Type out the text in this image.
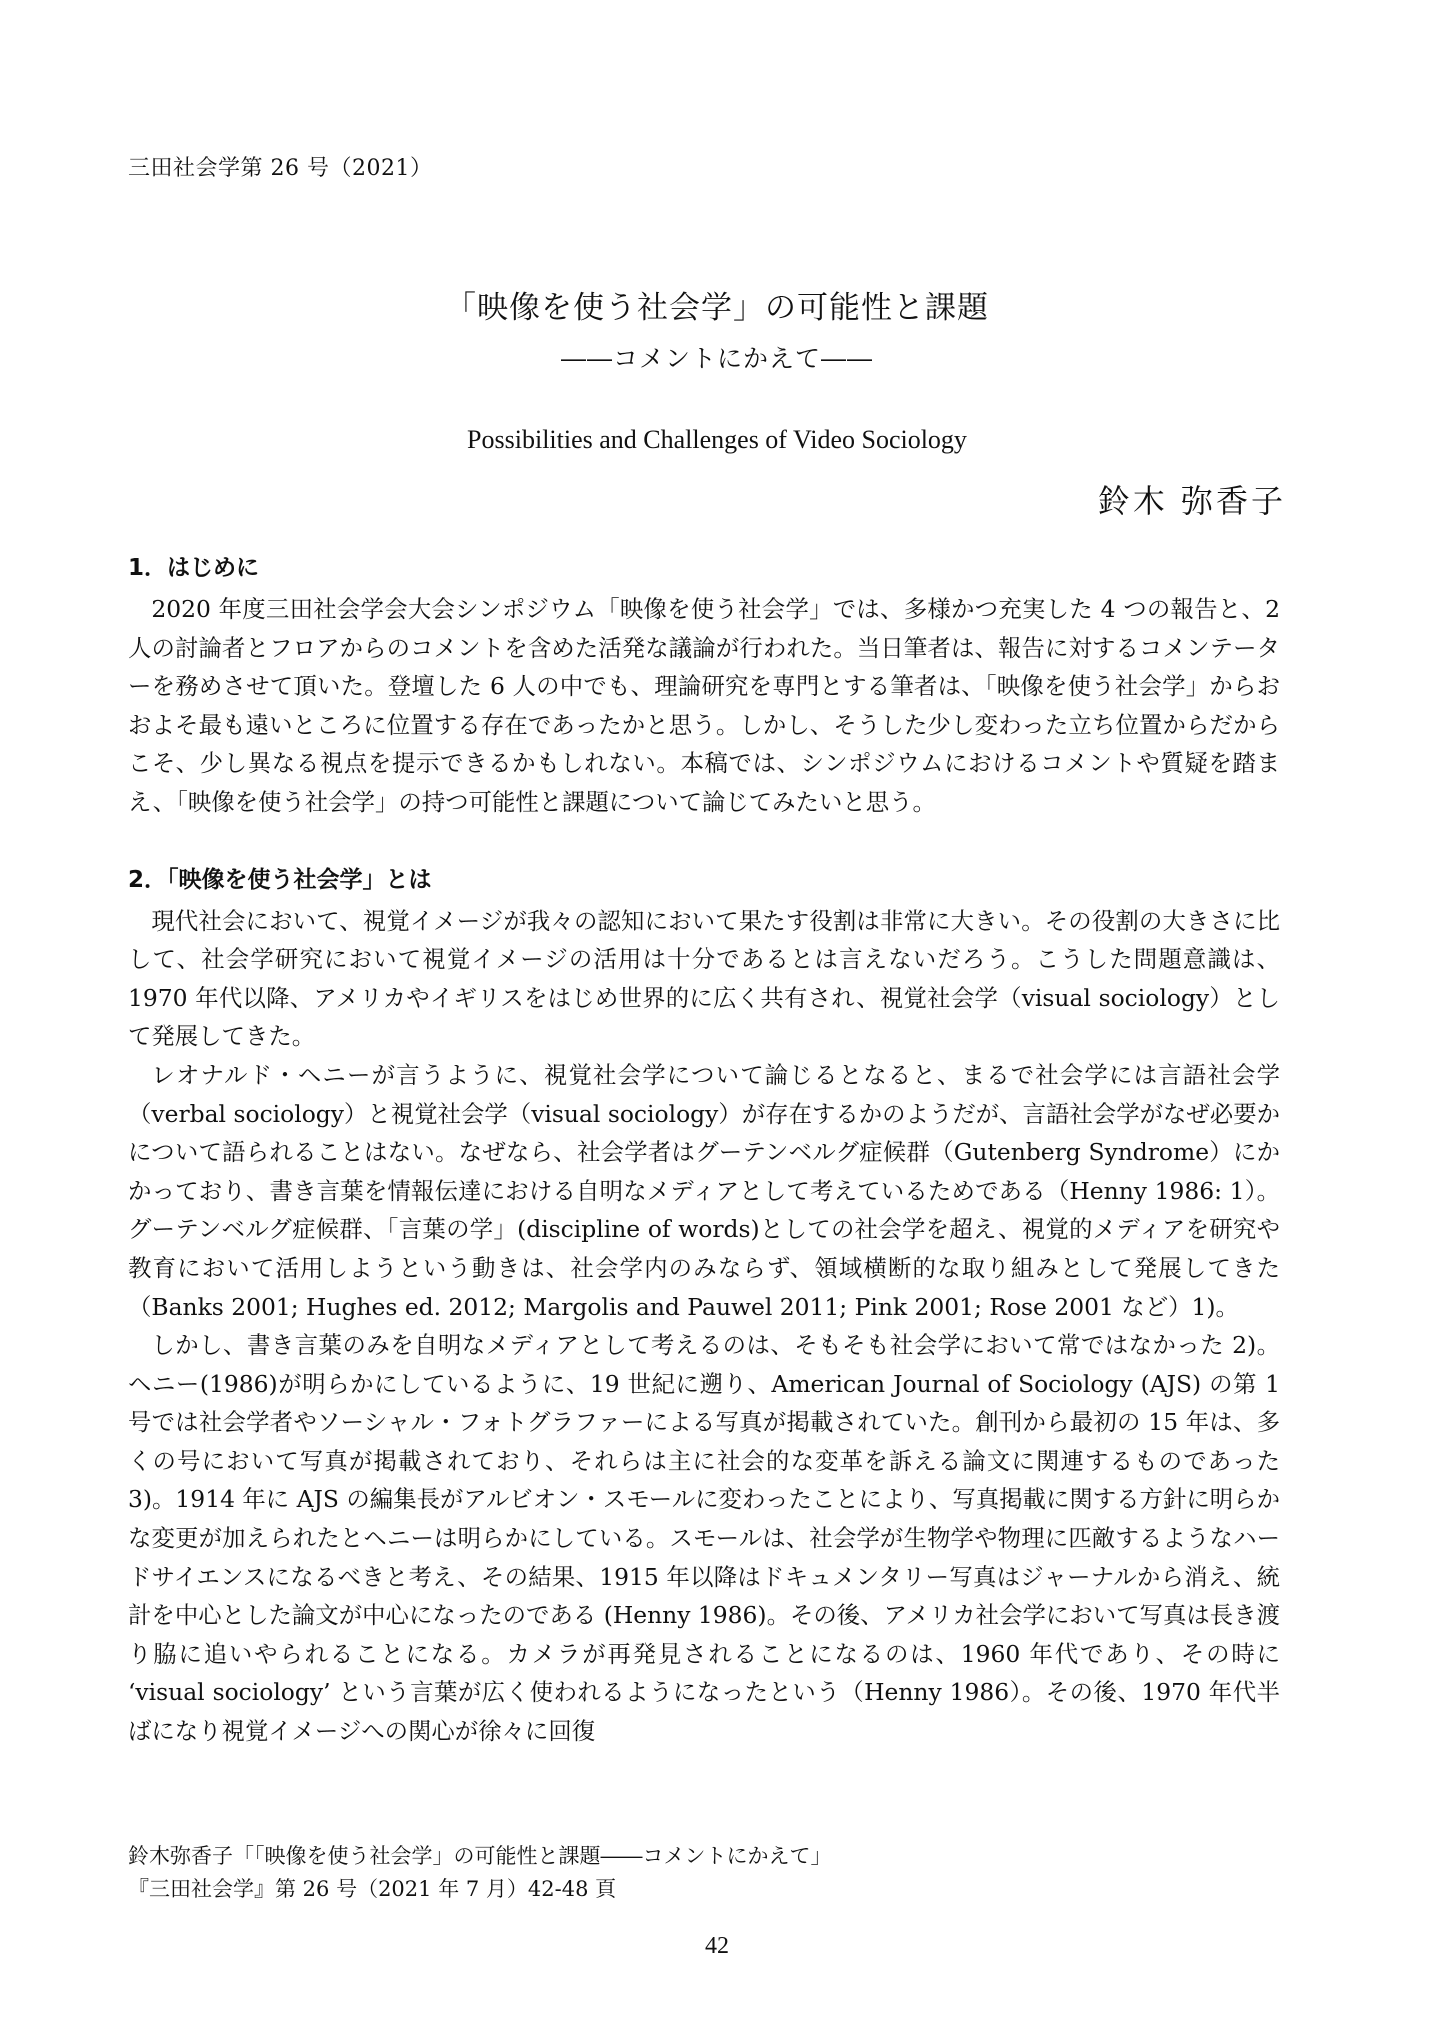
三田社会学第 26 号（2021）
「映像を使う社会学」の可能性と課題
――コメントにかえて――
Possibilities and Challenges of Video Sociology
鈴木 弥香子
1．はじめに

2020 年度三田社会学会大会シンポジウム「映像を使う社会学」では、多様かつ充実した 4 つの報告と、2 人の討論者とフロアからのコメントを含めた活発な議論が行われた。当日筆者は、報告に対するコメンテーターを務めさせて頂いた。登壇した 6 人の中でも、理論研究を専門とする筆者は、「映像を使う社会学」からおおよそ最も遠いところに位置する存在であったかと思う。しかし、そうした少し変わった立ち位置からだからこそ、少し異なる視点を提示できるかもしれない。本稿では、シンポジウムにおけるコメントや質疑を踏まえ、「映像を使う社会学」の持つ可能性と課題について論じてみたいと思う。

2．「映像を使う社会学」とは

現代社会において、視覚イメージが我々の認知において果たす役割は非常に大きい。その役割の大きさに比して、社会学研究において視覚イメージの活用は十分であるとは言えないだろう。こうした問題意識は、1970 年代以降、アメリカやイギリスをはじめ世界的に広く共有され、視覚社会学（visual sociology）として発展してきた。

レオナルド・ヘニーが言うように、視覚社会学について論じるとなると、まるで社会学には言語社会学（verbal sociology）と視覚社会学（visual sociology）が存在するかのようだが、言語社会学がなぜ必要かについて語られることはない。なぜなら、社会学者はグーテンベルグ症候群（Gutenberg Syndrome）にかかっており、書き言葉を情報伝達における自明なメディアとして考えているためである（Henny 1986: 1）。グーテンベルグ症候群、「言葉の学」(discipline of words)としての社会学を超え、視覚的メディアを研究や教育において活用しようという動きは、社会学内のみならず、領域横断的な取り組みとして発展してきた（Banks 2001; Hughes ed. 2012; Margolis and Pauwel 2011; Pink 2001; Rose 2001 など）1)。

しかし、書き言葉のみを自明なメディアとして考えるのは、そもそも社会学において常ではなかった 2)。ヘニー(1986)が明らかにしているように、19 世紀に遡り、American Journal of Sociology (AJS) の第 1 号では社会学者やソーシャル・フォトグラファーによる写真が掲載されていた。創刊から最初の 15 年は、多くの号において写真が掲載されており、それらは主に社会的な変革を訴える論文に関連するものであった 3)。1914 年に AJS の編集長がアルビオン・スモールに変わったことにより、写真掲載に関する方針に明らかな変更が加えられたとヘニーは明らかにしている。スモールは、社会学が生物学や物理に匹敵するようなハードサイエンスになるべきと考え、その結果、1915 年以降はドキュメンタリー写真はジャーナルから消え、統計を中心とした論文が中心になったのである (Henny 1986)。その後、アメリカ社会学において写真は長き渡り脇に追いやられることになる。カメラが再発見されることになるのは、1960 年代であり、その時に ‘visual sociology’ という言葉が広く使われるようになったという（Henny 1986）。その後、1970 年代半ばになり視覚イメージへの関心が徐々に回復

鈴木弥香子「「映像を使う社会学」の可能性と課題――コメントにかえて」
『三田社会学』第 26 号（2021 年 7 月）42-48 頁
42
